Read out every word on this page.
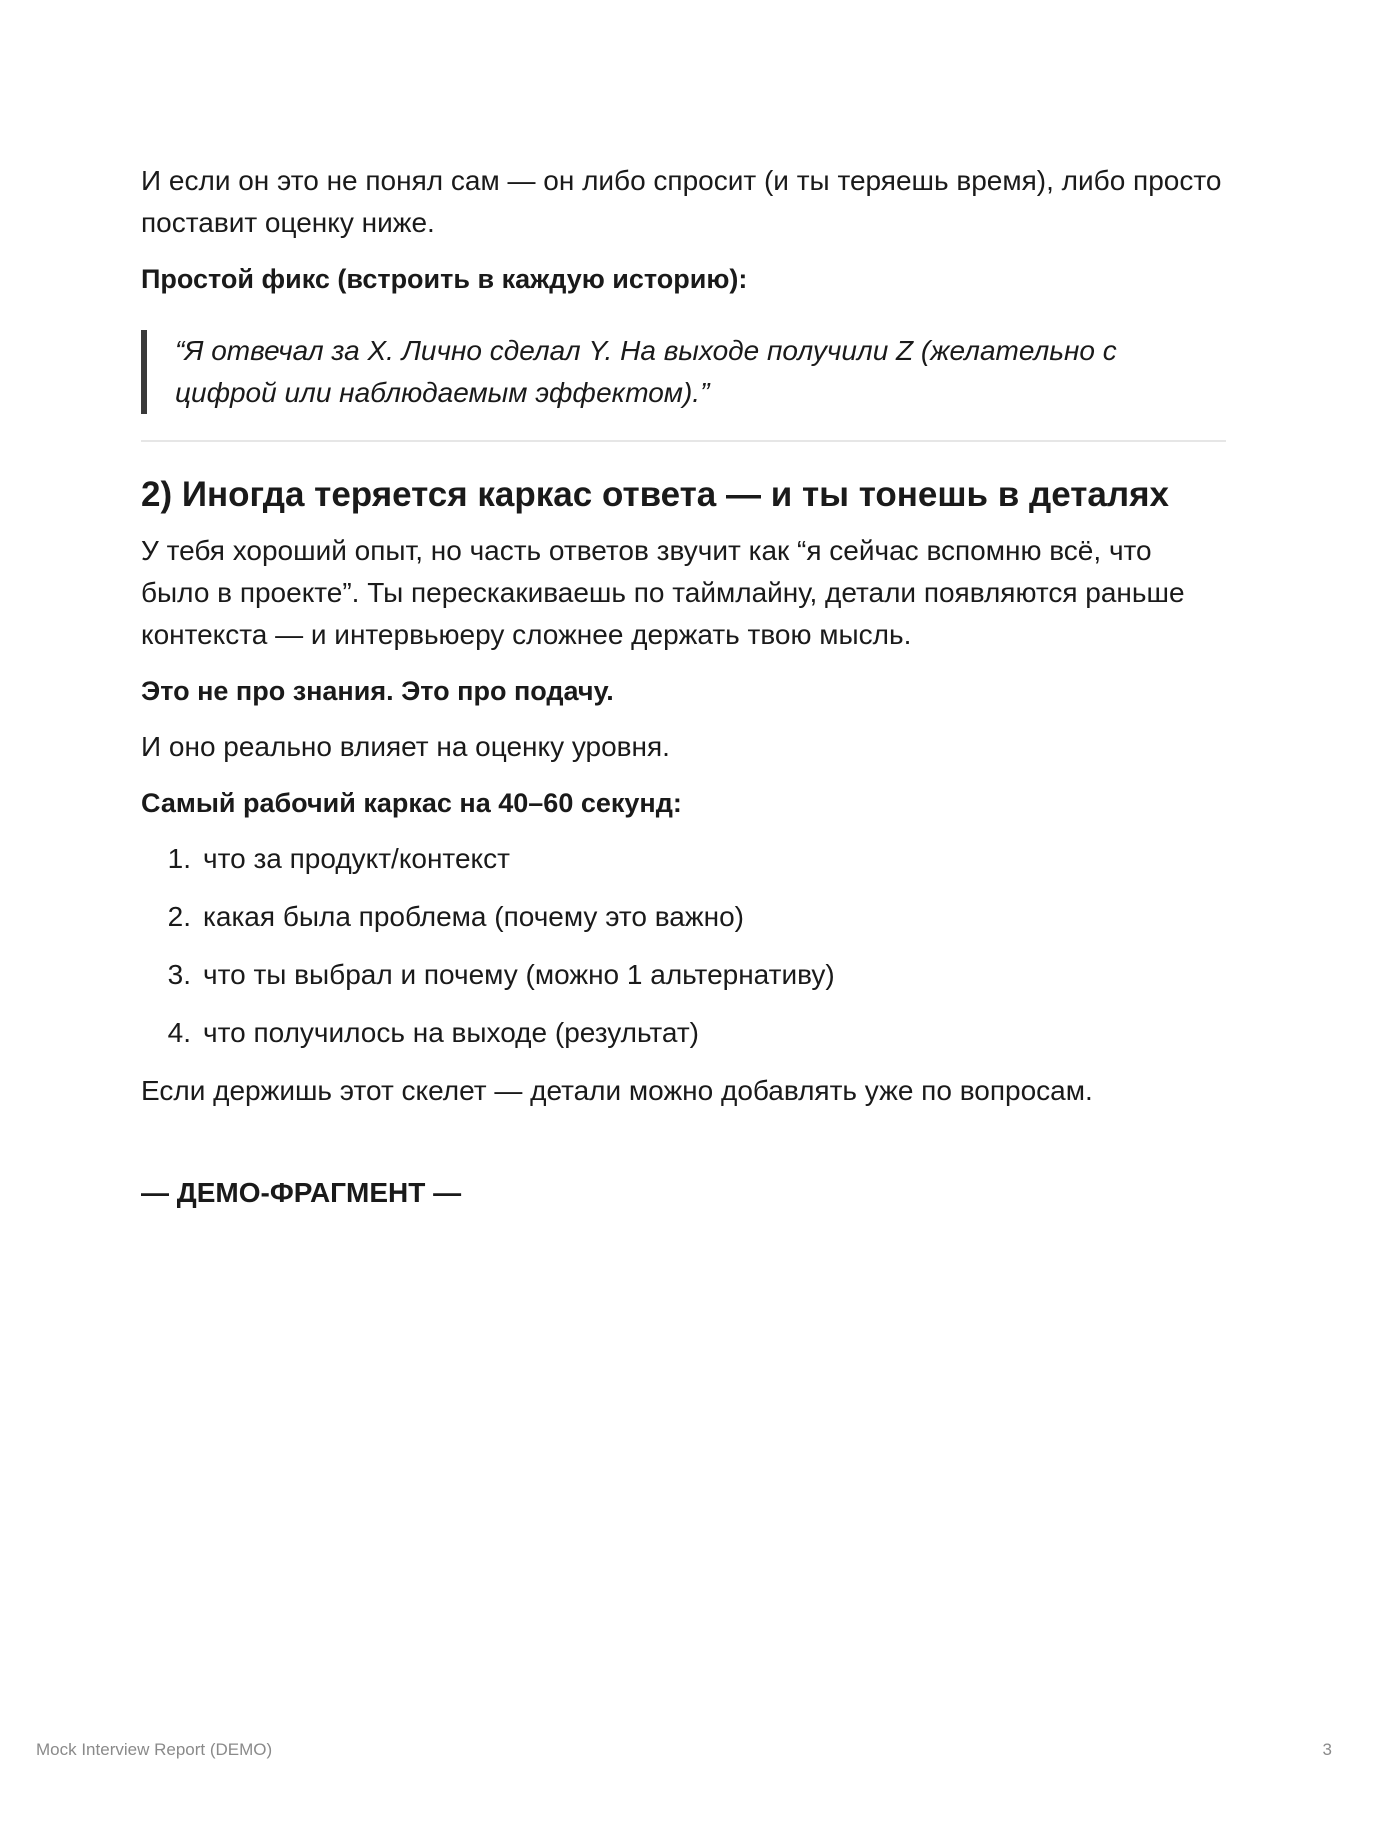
И если он это не понял сам — он либо спросит (и ты теряешь время), либо просто поставит оценку ниже.

Простой фикс (встроить в каждую историю):

“Я отвечал за X. Лично сделал Y. На выходе получили Z (желательно с цифрой или наблюдаемым эффектом).”
2) Иногда теряется каркас ответа — и ты тонешь в деталях

У тебя хороший опыт, но часть ответов звучит как “я сейчас вспомню всё, что было в проекте”. Ты перескакиваешь по таймлайну, детали появляются раньше контекста — и интервьюеру сложнее держать твою мысль.

Это не про знания. Это про подачу.

И оно реально влияет на оценку уровня.

Самый рабочий каркас на 40–60 секунд:

1. что за продукт/контекст
2. какая была проблема (почему это важно)
3. что ты выбрал и почему (можно 1 альтернативу)
4. что получилось на выходе (результат)

Если держишь этот скелет — детали можно добавлять уже по вопросам.

— ДЕМО-ФРАГМЕНТ —

Mock Interview Report (DEMO)	3
